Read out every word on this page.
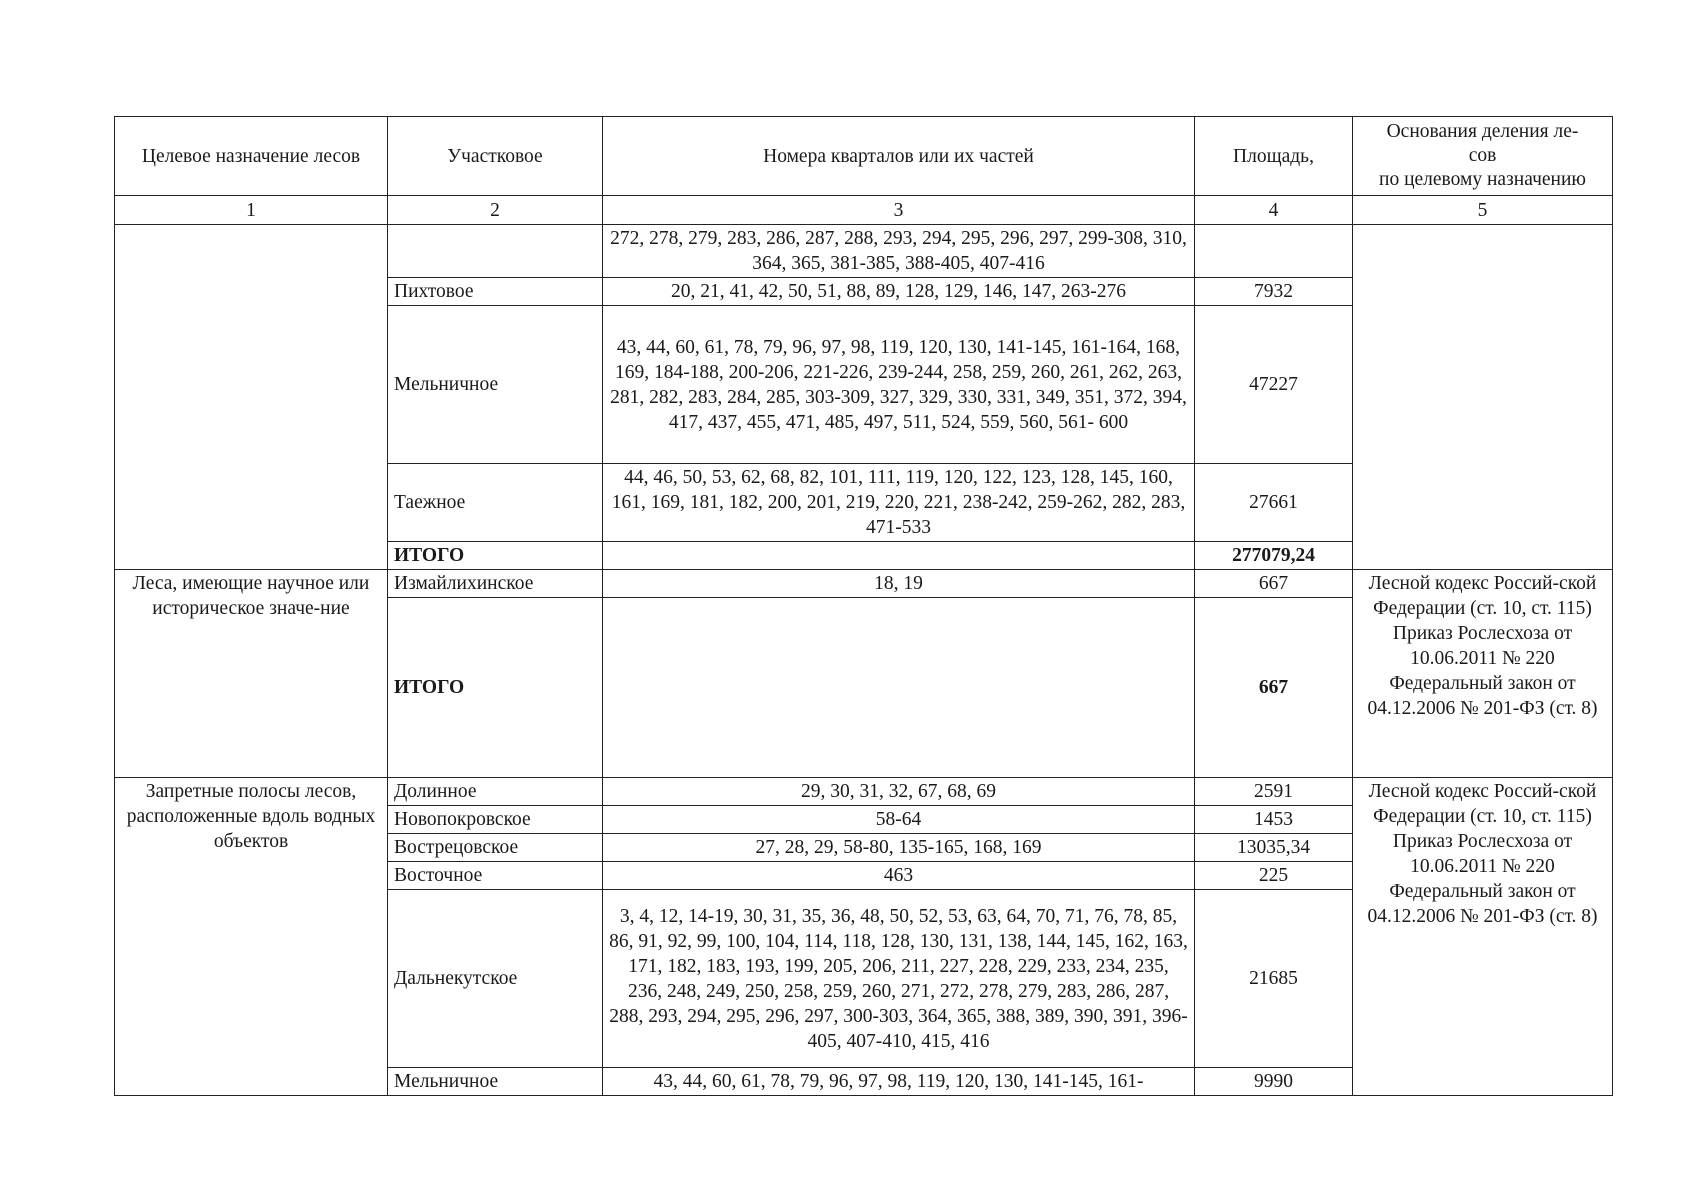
Целевое назначение лесов	Участковое	Номера кварталов или их частей	Площадь,	Основания деления ле-
сов
по целевому назначению
1	2	3	4	5
		272, 278, 279, 283, 286, 287, 288, 293, 294, 295, 296, 297, 299-308, 310, 364, 365, 381-385, 388-405, 407-416		
	Пихтовое	20, 21, 41, 42, 50, 51, 88, 89, 128, 129, 146, 147, 263-276	7932	
	Мельничное	43, 44, 60, 61, 78, 79, 96, 97, 98, 119, 120, 130, 141-145, 161-164, 168, 169, 184-188, 200-206, 221-226, 239-244, 258, 259, 260, 261, 262, 263, 281, 282, 283, 284, 285, 303-309, 327, 329, 330, 331, 349, 351, 372, 394, 417, 437, 455, 471, 485, 497, 511, 524, 559, 560, 561- 600	47227	
	Таежное	44, 46, 50, 53, 62, 68, 82, 101, 111, 119, 120, 122, 123, 128, 145, 160, 161, 169, 181, 182, 200, 201, 219, 220, 221, 238-242, 259-262, 282, 283, 471-533	27661	
	ИТОГО		277079,24	
Леса, имеющие научное или историческое значе-ние	Измайлихинское	18, 19	667	Лесной кодекс Россий-ской Федерации (ст. 10, ст. 115) Приказ Рослесхоза от 10.06.2011 № 220 Федеральный закон от 04.12.2006 № 201-ФЗ (ст. 8)
	ИТОГО		667	
Запретные полосы лесов, расположенные вдоль водных объектов	Долинное	29, 30, 31, 32, 67, 68, 69	2591	Лесной кодекс Россий-ской Федерации (ст. 10, ст. 115) Приказ Рослесхоза от 10.06.2011 № 220 Федеральный закон от 04.12.2006 № 201-ФЗ (ст. 8)
	Новопокровское	58-64	1453	
	Вострецовское	27, 28, 29, 58-80, 135-165, 168, 169	13035,34	
	Восточное	463	225	
	Дальнекутское	3, 4, 12, 14-19, 30, 31, 35, 36, 48, 50, 52, 53, 63, 64, 70, 71, 76, 78, 85, 86, 91, 92, 99, 100, 104, 114, 118, 128, 130, 131, 138, 144, 145, 162, 163, 171, 182, 183, 193, 199, 205, 206, 211, 227, 228, 229, 233, 234, 235, 236, 248, 249, 250, 258, 259, 260, 271, 272, 278, 279, 283, 286, 287, 288, 293, 294, 295, 296, 297, 300-303, 364, 365, 388, 389, 390, 391, 396-405, 407-410, 415, 416	21685	
	Мельничное	43, 44, 60, 61, 78, 79, 96, 97, 98, 119, 120, 130, 141-145, 161-	9990	
